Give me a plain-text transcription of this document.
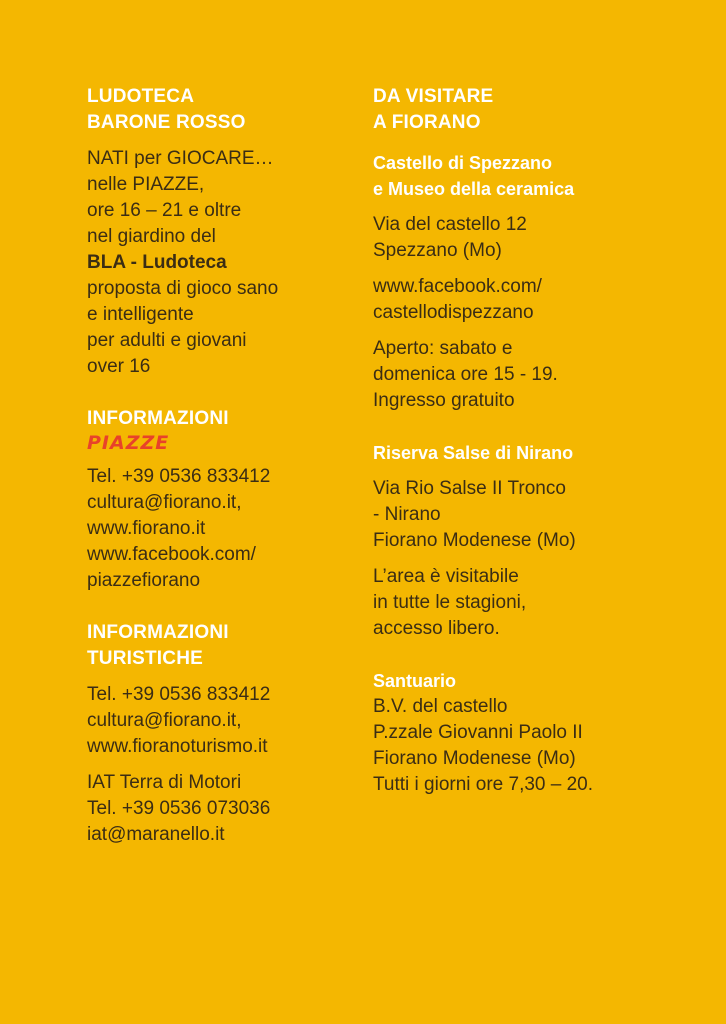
LUDOTECA
BARONE ROSSO
NATI per GIOCARE…
nelle PIAZZE,
ore 16 – 21 e oltre
nel giardino del
BLA - Ludoteca
proposta di gioco sano
e intelligente
per adulti e giovani
over 16
INFORMAZIONI
PIAZZE
Tel. +39 0536 833412
cultura@fiorano.it,
www.fiorano.it
www.facebook.com/
piazzefiorano
INFORMAZIONI
TURISTICHE
Tel. +39 0536 833412
cultura@fiorano.it,
www.fioranoturismo.it
IAT Terra di Motori
Tel. +39 0536 073036
iat@maranello.it
DA VISITARE
A FIORANO
Castello di Spezzano
e Museo della ceramica
Via del castello 12
Spezzano (Mo)
www.facebook.com/
castellodispezzano
Aperto: sabato e
domenica ore 15 - 19.
Ingresso gratuito
Riserva Salse di Nirano
Via Rio Salse II Tronco
- Nirano
Fiorano Modenese (Mo)
L’area è visitabile
in tutte le stagioni,
accesso libero.
Santuario
B.V. del castello
P.zzale Giovanni Paolo II
Fiorano Modenese (Mo)
Tutti i giorni ore 7,30 – 20.
